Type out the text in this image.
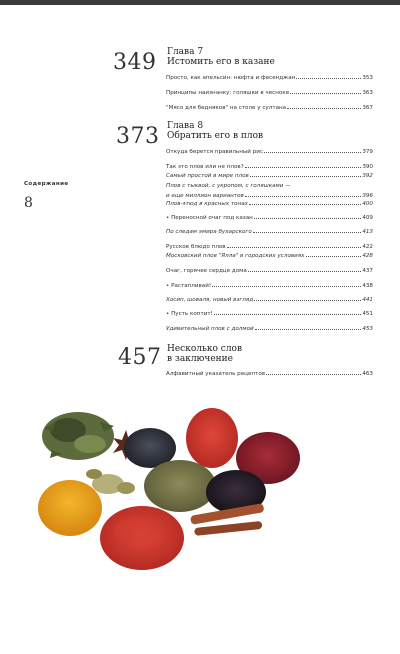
349 Глава 7
Истомить его в казане
Просто, как апельсин: нюфта и фесенджан	353
Принципы наизнанку: голяшки в чесноке	363
"Мясо для бедняков" на столе у султана	367
373 Глава 8
Обратить его в плов
Откуда берется правильный рис	379
Так это плов или не плов?	390
Самый простой в мире плов	392
Плов с тыквой, с укропом, с голяшками —
и еще миллион вариантов	396
Плов-этюд в красных тонах	400
• Переносной очаг под казан	409
По следам эмира бухарского	413
Русское блюдо плов	422
Московский плов "Ялла" в городских условиях	428
Очаг, горячее сердце дома	437
• Растапливай!	438
Хосип, шоваля, новый взгляд	441
• Пусть коптит!	451
Удивительный плов с долмой	453
457 Несколько слов
в заключение
Алфавитный указатель рецептов	463
Содержание
8
